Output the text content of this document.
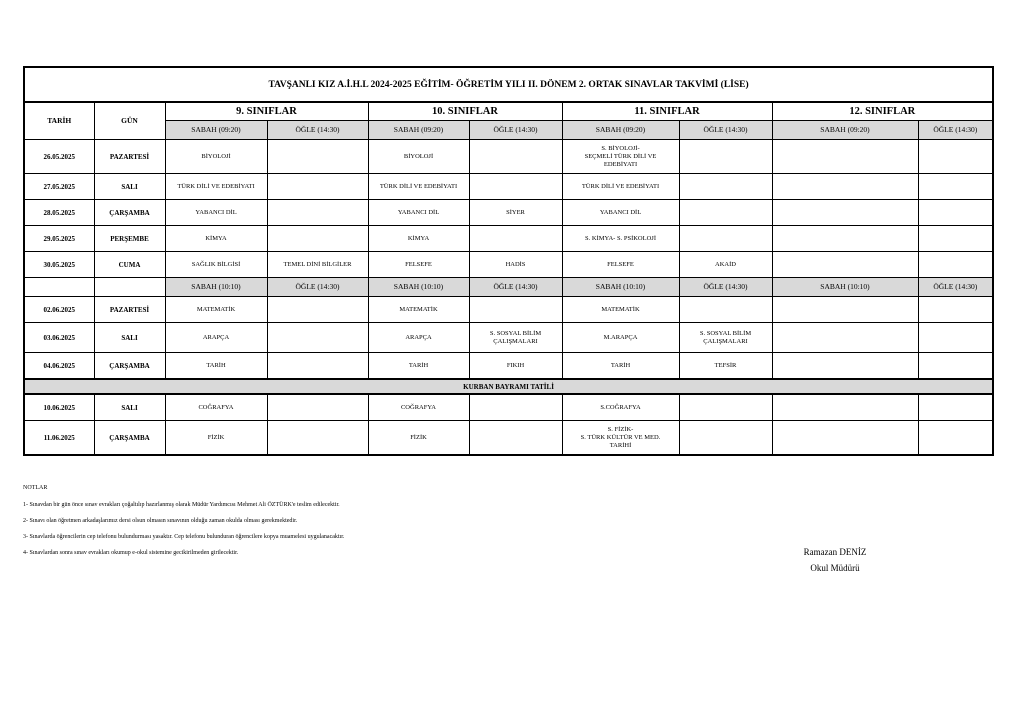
TAVŞANLI KIZ A.İ.H.L 2024-2025 EĞİTİM- ÖĞRETİM YILI II. DÖNEM 2. ORTAK SINAVLAR TAKVİMİ (LİSE)									
TARİH	GÜN	9. SINIFLAR		10. SINIFLAR		11. SINIFLAR		12. SINIFLAR	
		SABAH (09:20)	ÖĞLE (14:30)	SABAH (09:20)	ÖĞLE (14:30)	SABAH (09:20)	ÖĞLE (14:30)	SABAH (09:20)	ÖĞLE (14:30)
26.05.2025	PAZARTESİ	BİYOLOJİ		BİYOLOJİ		S. BİYOLOJİ-
SEÇMELİ TÜRK DİLİ VE
EDEBİYATI			
27.05.2025	SALI	TÜRK DİLİ VE EDEBİYATI		TÜRK DİLİ VE EDEBİYATI		TÜRK DİLİ VE EDEBİYATI			
28.05.2025	ÇARŞAMBA	YABANCI DİL		YABANCI DİL	SİYER	YABANCI DİL			
29.05.2025	PERŞEMBE	KİMYA		KİMYA		S. KİMYA- S. PSİKOLOJİ			
30.05.2025	CUMA	SAĞLIK BİLGİSİ	TEMEL DİNİ BİLGİLER	FELSEFE	HADİS	FELSEFE	AKAİD		
		SABAH (10:10)	ÖĞLE (14:30)	SABAH (10:10)	ÖĞLE (14:30)	SABAH (10:10)	ÖĞLE (14:30)	SABAH (10:10)	ÖĞLE (14:30)
02.06.2025	PAZARTESİ	MATEMATİK		MATEMATİK		MATEMATİK			
03.06.2025	SALI	ARAPÇA		ARAPÇA	S. SOSYAL BİLİM
ÇALIŞMALARI	M.ARAPÇA	S. SOSYAL BİLİM
ÇALIŞMALARI		
04.06.2025	ÇARŞAMBA	TARİH		TARİH	FIKIH	TARİH	TEFSİR		
KURBAN BAYRAMI TATİLİ									
10.06.2025	SALI	COĞRAFYA		COĞRAFYA		S.COĞRAFYA			
11.06.2025	ÇARŞAMBA	FİZİK		FİZİK		S. FİZİK-
S. TÜRK KÜLTÜR VE MED.
TARİHİ			
NOTLAR
1- Sınavdan bir gün önce sınav evrakları çoğaltılıp hazırlanmış olarak Müdür Yardımcısı Mehmet Ali ÖZTÜRK'e teslim edilecektir.
2- Sınavı olan öğretmen arkadaşlarımız dersi olsun olmasın sınavının olduğu zaman okulda olması gerekmektedir.
3- Sınavlarda öğrencilerin cep telefonu bulundurması yasaktır. Cep telefonu bulunduran öğrencilere kopya muamelesi uygulanacaktır.
4- Sınavlardan sonra sınav evrakları okumup e-okul sistemine gecikirilmeden girilecektir.	Ramazan DENİZ
Okul Müdürü
